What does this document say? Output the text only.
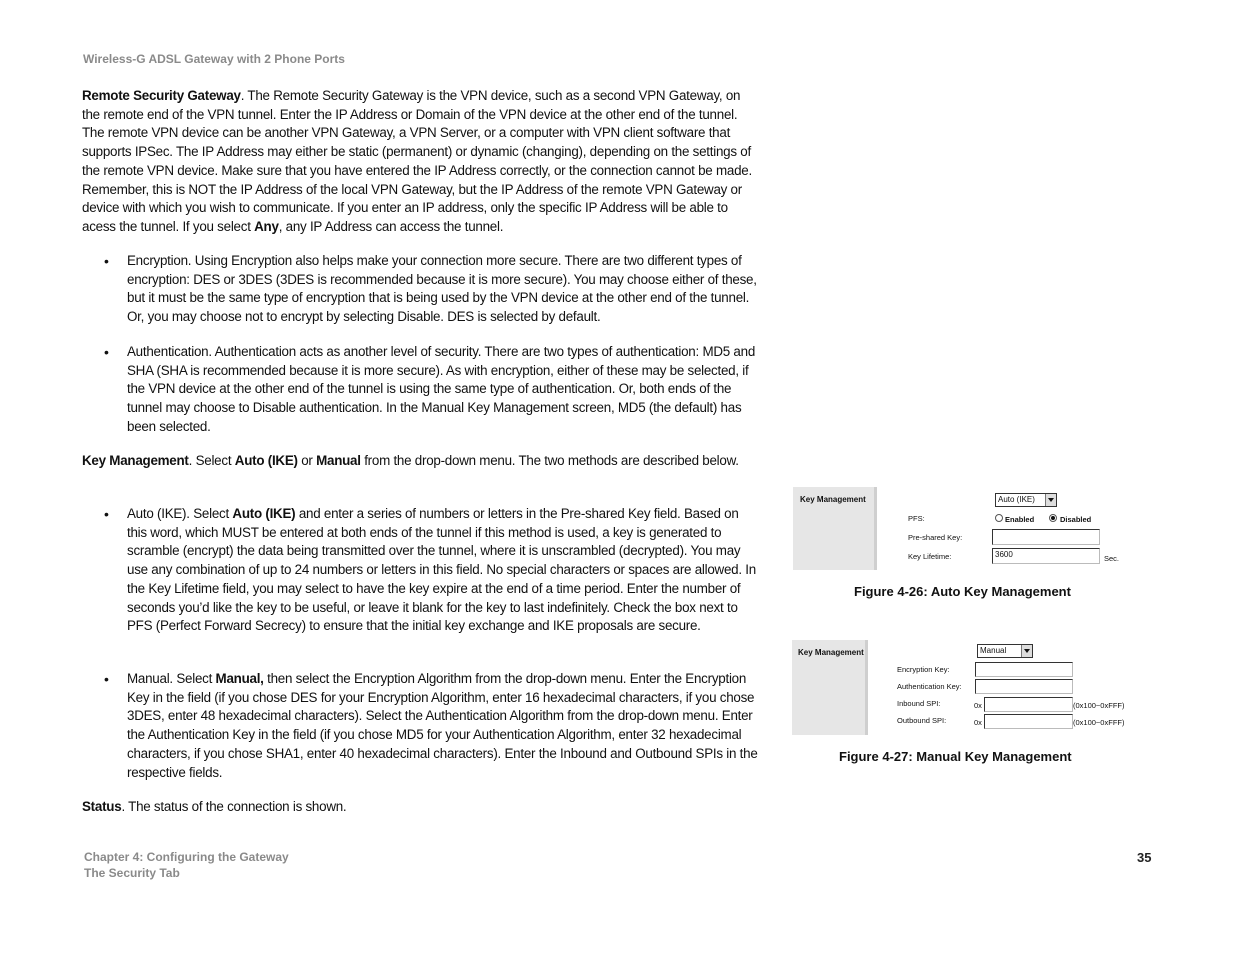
Wireless-G ADSL Gateway with 2 Phone Ports
Remote Security Gateway. The Remote Security Gateway is the VPN device, such as a second VPN Gateway, on the remote end of the VPN tunnel. Enter the IP Address or Domain of the VPN device at the other end of the tunnel. The remote VPN device can be another VPN Gateway, a VPN Server, or a computer with VPN client software that supports IPSec. The IP Address may either be static (permanent) or dynamic (changing), depending on the settings of the remote VPN device. Make sure that you have entered the IP Address correctly, or the connection cannot be made. Remember, this is NOT the IP Address of the local VPN Gateway, but the IP Address of the remote VPN Gateway or device with which you wish to communicate. If you enter an IP address, only the specific IP Address will be able to acess the tunnel. If you select Any, any IP Address can access the tunnel.
• Encryption. Using Encryption also helps make your connection more secure. There are two different types of encryption: DES or 3DES (3DES is recommended because it is more secure). You may choose either of these, but it must be the same type of encryption that is being used by the VPN device at the other end of the tunnel. Or, you may choose not to encrypt by selecting Disable. DES is selected by default.
• Authentication. Authentication acts as another level of security. There are two types of authentication: MD5 and SHA (SHA is recommended because it is more secure). As with encryption, either of these may be selected, if the VPN device at the other end of the tunnel is using the same type of authentication. Or, both ends of the tunnel may choose to Disable authentication. In the Manual Key Management screen, MD5 (the default) has been selected.
Key Management. Select Auto (IKE) or Manual from the drop-down menu. The two methods are described below.
• Auto (IKE). Select Auto (IKE) and enter a series of numbers or letters in the Pre-shared Key field. Based on this word, which MUST be entered at both ends of the tunnel if this method is used, a key is generated to scramble (encrypt) the data being transmitted over the tunnel, where it is unscrambled (decrypted). You may use any combination of up to 24 numbers or letters in this field. No special characters or spaces are allowed. In the Key Lifetime field, you may select to have the key expire at the end of a time period. Enter the number of seconds you’d like the key to be useful, or leave it blank for the key to last indefinitely. Check the box next to PFS (Perfect Forward Secrecy) to ensure that the initial key exchange and IKE proposals are secure.
• Manual. Select Manual, then select the Encryption Algorithm from the drop-down menu. Enter the Encryption Key in the field (if you chose DES for your Encryption Algorithm, enter 16 hexadecimal characters, if you chose 3DES, enter 48 hexadecimal characters). Select the Authentication Algorithm from the drop-down menu. Enter the Authentication Key in the field (if you chose MD5 for your Authentication Algorithm, enter 32 hexadecimal characters, if you chose SHA1, enter 40 hexadecimal characters). Enter the Inbound and Outbound SPIs in the respective fields.
Status. The status of the connection is shown.
Key Management	Auto (IKE)
PFS:	Enabled	Disabled
Pre-shared Key:
Key Lifetime:	3600	Sec.
Figure 4-26: Auto Key Management
Key Management	Manual
Encryption Key:
Authentication Key:
Inbound SPI:	0x	(0x100~0xFFF)
Outbound SPI:	0x	(0x100~0xFFF)
Figure 4-27: Manual Key Management
Chapter 4: Configuring the Gateway
The Security Tab
35
